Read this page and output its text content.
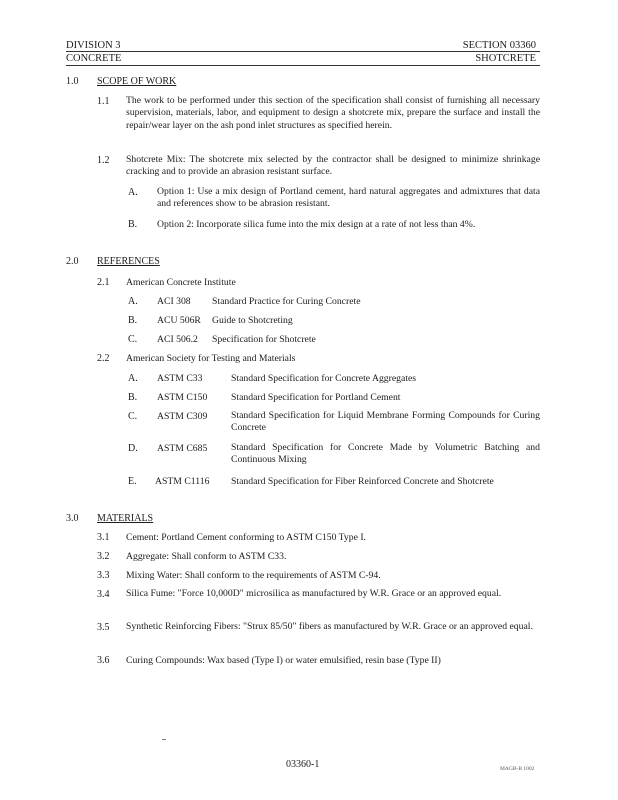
DIVISION 3	SECTION 03360
CONCRETE	SHOTCRETE
1.0 SCOPE OF WORK
1.1 The work to be performed under this section of the specification shall consist of furnishing all necessary supervision, materials, labor, and equipment to design a shotcrete mix, prepare the surface and install the repair/wear layer on the ash pond inlet structures as specified herein.
1.2 Shotcrete Mix: The shotcrete mix selected by the contractor shall be designed to minimize shrinkage cracking and to provide an abrasion resistant surface.
A. Option 1: Use a mix design of Portland cement, hard natural aggregates and admixtures that data and references show to be abrasion resistant.
B. Option 2: Incorporate silica fume into the mix design at a rate of not less than 4%.
2.0 REFERENCES
2.1 American Concrete Institute
A. ACI 308 Standard Practice for Curing Concrete
B. ACU 506R Guide to Shotcreting
C. ACI 506.2 Specification for Shotcrete
2.2 American Society for Testing and Materials
A. ASTM C33	Standard Specification for Concrete Aggregates
B. ASTM C150 Standard Specification for Portland Cement
C. ASTM C309 Standard Specification for Liquid Membrane Forming Compounds for Curing Concrete
D. ASTM C685 Standard Specification for Concrete Made by Volumetric Batching and Continuous Mixing
E. ASTM C1116 Standard Specification for Fiber Reinforced Concrete and Shotcrete
3.0 MATERIALS
3.1 Cement: Portland Cement conforming to ASTM C150 Type I.
3.2 Aggregate: Shall conform to ASTM C33.
3.3 Mixing Water: Shall conform to the requirements of ASTM C-94.
3.4 Silica Fume: "Force 10,000D" microsilica as manufactured by W.R. Grace or an approved equal.
3.5 Synthetic Reinforcing Fibers: "Strux 85/50" fibers as manufactured by W.R. Grace or an approved equal.
3.6 Curing Compounds: Wax based (Type I) or water emulsified, resin base (Type II)
03360-1	MAGB-B 1002
